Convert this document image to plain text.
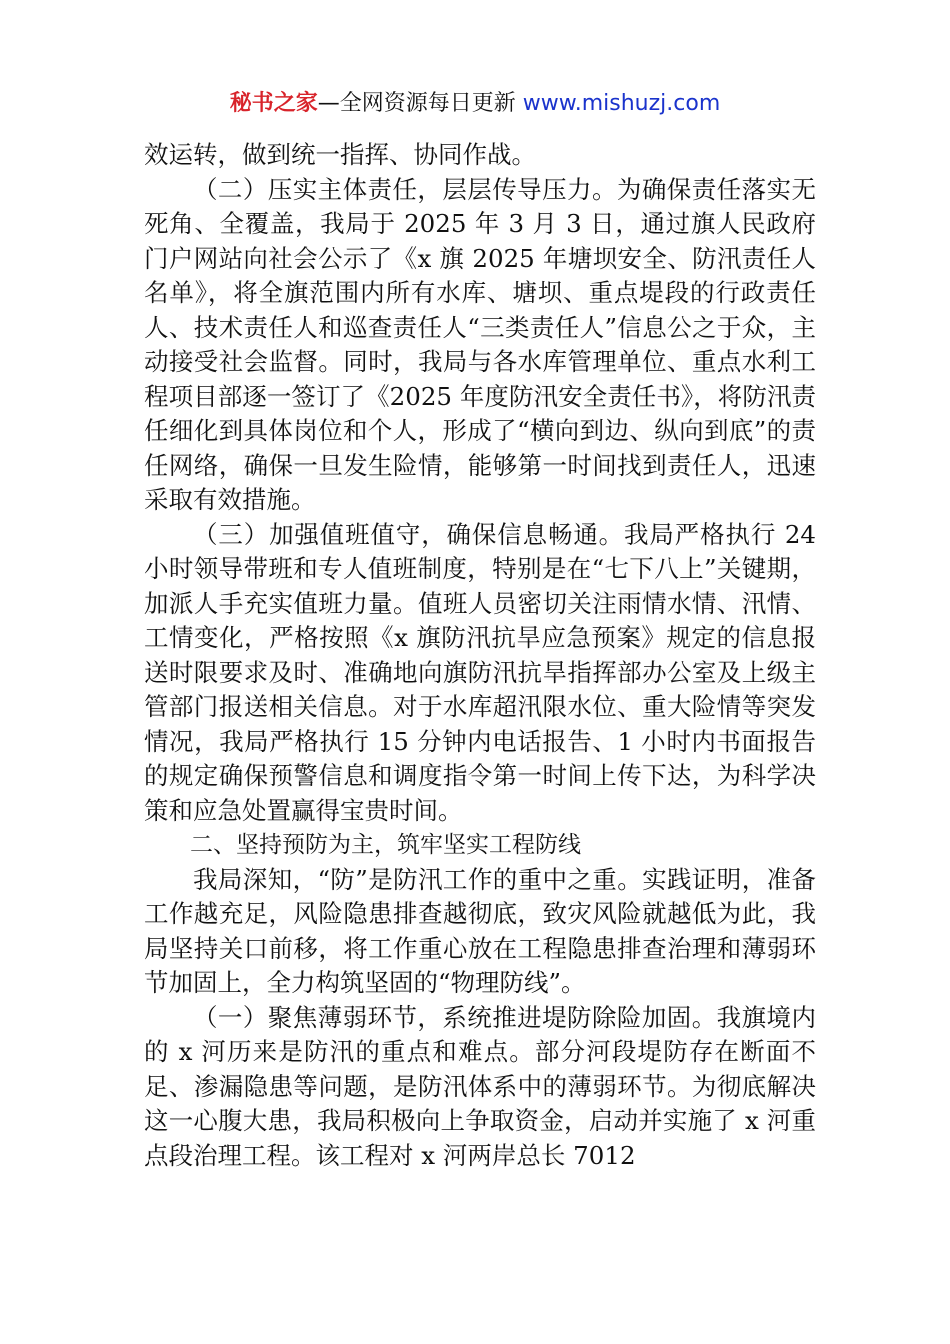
秘书之家—全网资源每日更新 www.mishuzj.com

效运转，做到统一指挥、协同作战。

（二）压实主体责任，层层传导压力。为确保责任落实无死角、全覆盖，我局于 2025 年 3 月 3 日，通过旗人民政府门户网站向社会公示了《x 旗 2025 年塘坝安全、防汛责任人名单》，将全旗范围内所有水库、塘坝、重点堤段的行政责任人、技术责任人和巡查责任人“三类责任人”信息公之于众，主动接受社会监督。同时，我局与各水库管理单位、重点水利工程项目部逐一签订了《2025 年度防汛安全责任书》，将防汛责任细化到具体岗位和个人，形成了“横向到边、纵向到底”的责任网络，确保一旦发生险情，能够第一时间找到责任人，迅速采取有效措施。

（三）加强值班值守，确保信息畅通。我局严格执行 24 小时领导带班和专人值班制度，特别是在“七下八上”关键期，加派人手充实值班力量。值班人员密切关注雨情水情、汛情、工情变化，严格按照《x 旗防汛抗旱应急预案》规定的信息报送时限要求及时、准确地向旗防汛抗旱指挥部办公室及上级主管部门报送相关信息。对于水库超汛限水位、重大险情等突发情况，我局严格执行 15 分钟内电话报告、1 小时内书面报告的规定确保预警信息和调度指令第一时间上传下达，为科学决策和应急处置赢得宝贵时间。

二、坚持预防为主，筑牢坚实工程防线

我局深知，“防”是防汛工作的重中之重。实践证明，准备工作越充足，风险隐患排查越彻底，致灾风险就越低为此，我局坚持关口前移，将工作重心放在工程隐患排查治理和薄弱环节加固上，全力构筑坚固的“物理防线”。

（一）聚焦薄弱环节，系统推进堤防除险加固。我旗境内的 x 河历来是防汛的重点和难点。部分河段堤防存在断面不足、渗漏隐患等问题，是防汛体系中的薄弱环节。为彻底解决这一心腹大患，我局积极向上争取资金，启动并实施了 x 河重点段治理工程。该工程对 x 河两岸总长 7012
